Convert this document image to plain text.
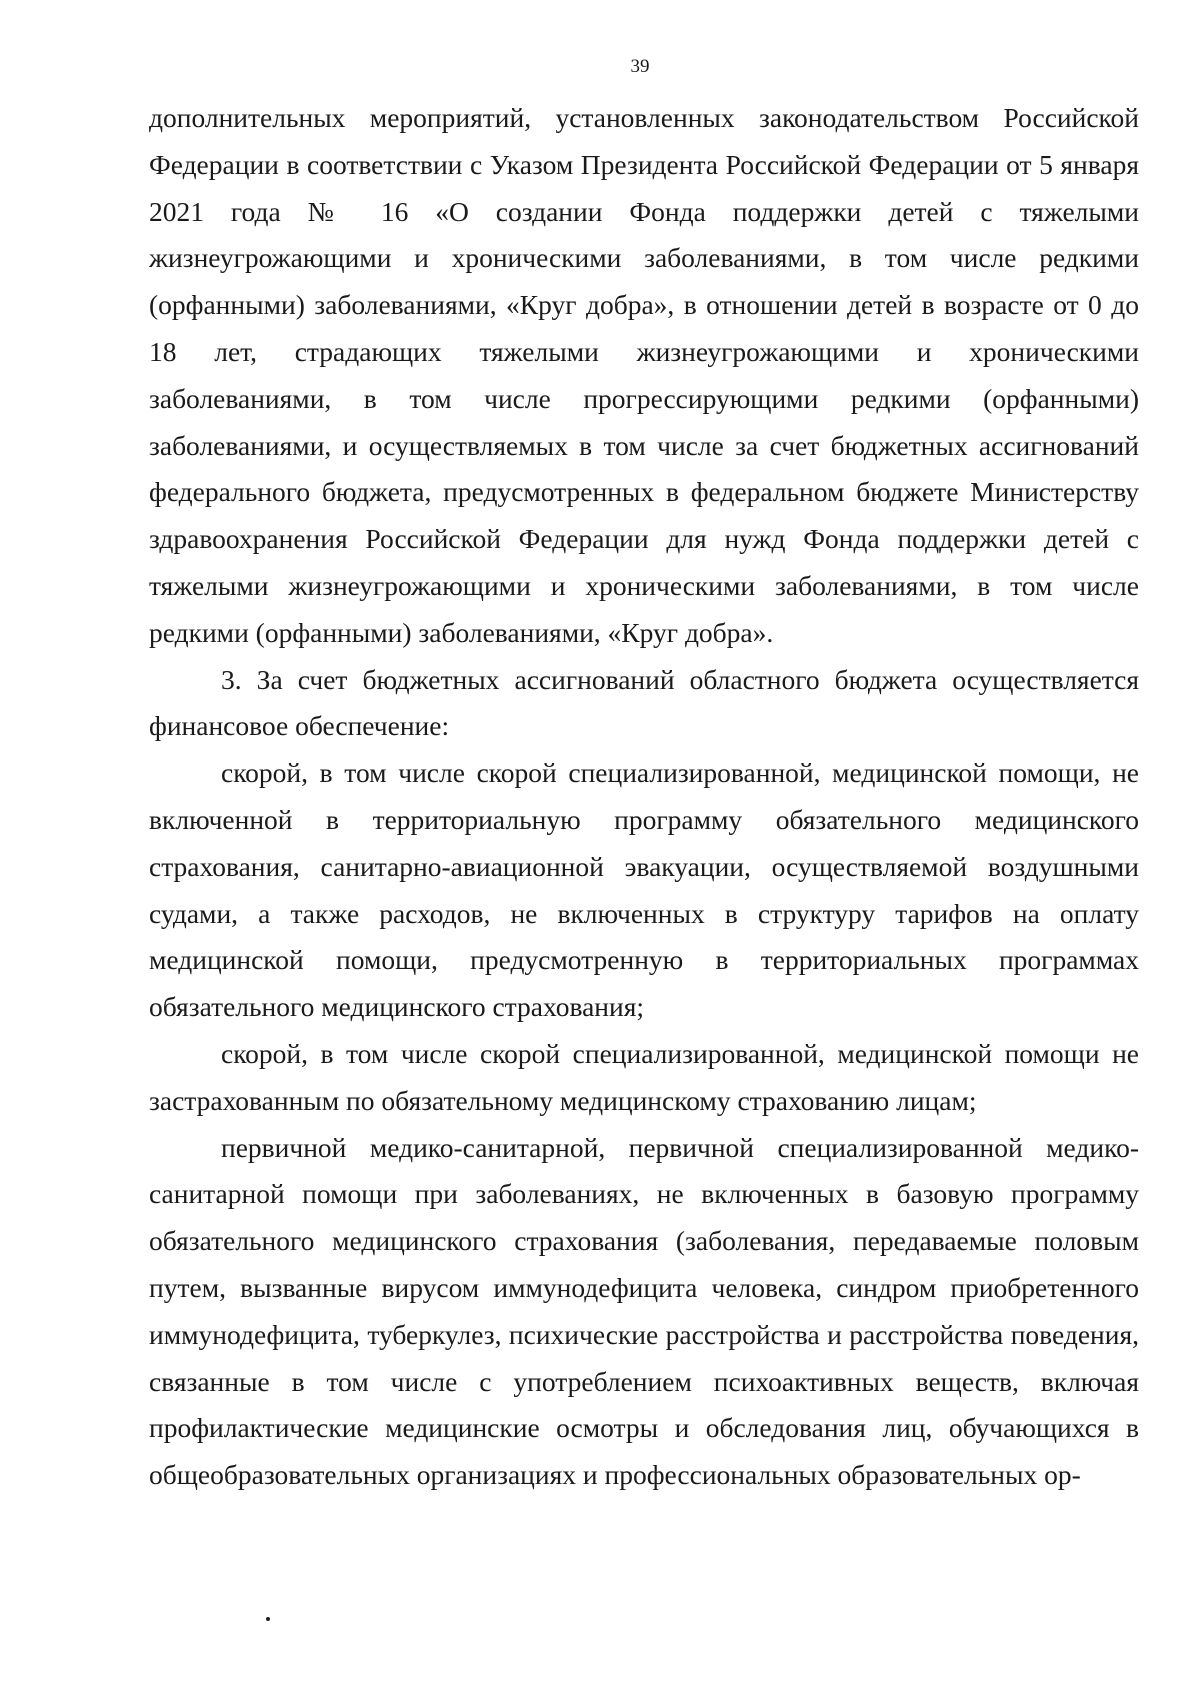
39

дополнительных мероприятий, установленных законодательством Российской Федерации в соответствии с Указом Президента Российской Федерации от 5 января 2021 года № 16 «О создании Фонда поддержки детей с тяжелыми жизнеугрожающими и хроническими заболеваниями, в том числе редкими (орфанными) заболеваниями, «Круг добра», в отношении детей в возрасте от 0 до 18 лет, страдающих тяжелыми жизнеугрожающими и хроническими заболеваниями, в том числе прогрессирующими редкими (орфанными) заболеваниями, и осуществляемых в том числе за счет бюджетных ассигнований федерального бюджета, предусмотренных в федеральном бюджете Министерству здравоохранения Российской Федерации для нужд Фонда поддержки детей с тяжелыми жизнеугрожающими и хроническими заболеваниями, в том числе редкими (орфанными) заболеваниями, «Круг добра».

3. За счет бюджетных ассигнований областного бюджета осуществляется финансовое обеспечение:

скорой, в том числе скорой специализированной, медицинской помощи, не включенной в территориальную программу обязательного медицинского страхования, санитарно-авиационной эвакуации, осуществляемой воздушными судами, а также расходов, не включенных в структуру тарифов на оплату медицинской помощи, предусмотренную в территориальных программах обязательного медицинского страхования;

скорой, в том числе скорой специализированной, медицинской помощи не застрахованным по обязательному медицинскому страхованию лицам;

первичной медико-санитарной, первичной специализированной медико-санитарной помощи при заболеваниях, не включенных в базовую программу обязательного медицинского страхования (заболевания, передаваемые половым путем, вызванные вирусом иммунодефицита человека, синдром приобретенного иммунодефицита, туберкулез, психические расстройства и расстройства поведения, связанные в том числе с употреблением психоактивных веществ, включая профилактические медицинские осмотры и обследования лиц, обучающихся в общеобразовательных организациях и профессиональных образовательных ор-
